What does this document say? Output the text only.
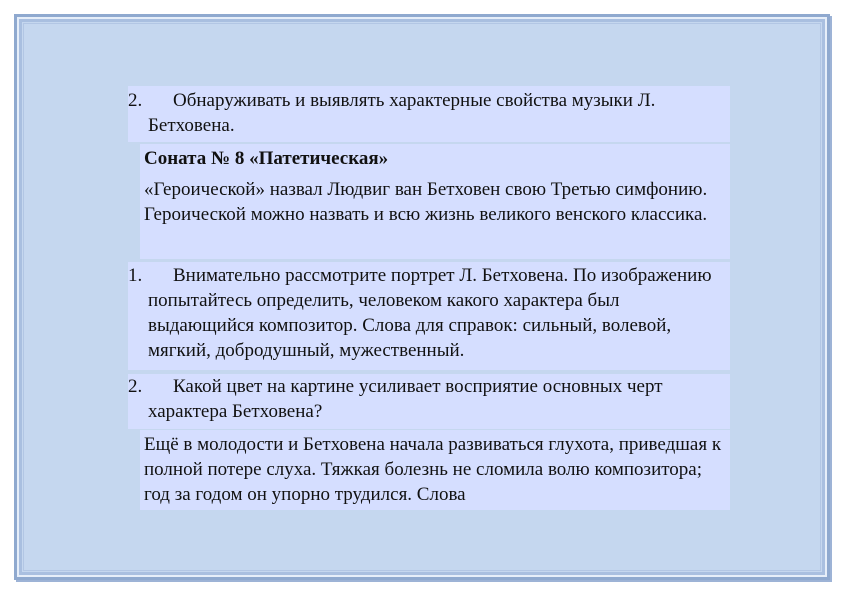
2. Обнаруживать и выявлять характерные свойства музыки Л. Бетховена.
Соната № 8 «Патетическая»
«Героической» назвал Людвиг ван Бетховен свою Третью симфонию. Героической можно назвать и всю жизнь великого венского классика.
1. Внимательно рассмотрите портрет Л. Бетховена. По изображению попытайтесь определить, человеком какого характера был выдающийся композитор. Слова для справок: сильный, волевой, мягкий, добродушный, мужественный.
2. Какой цвет на картине усиливает восприятие основных черт характера Бетховена?
Ещё в молодости и Бетховена начала развиваться глухота, приведшая к полной потере слуха. Тяжкая болезнь не сломила волю композитора; год за годом он упорно трудился. Слова
